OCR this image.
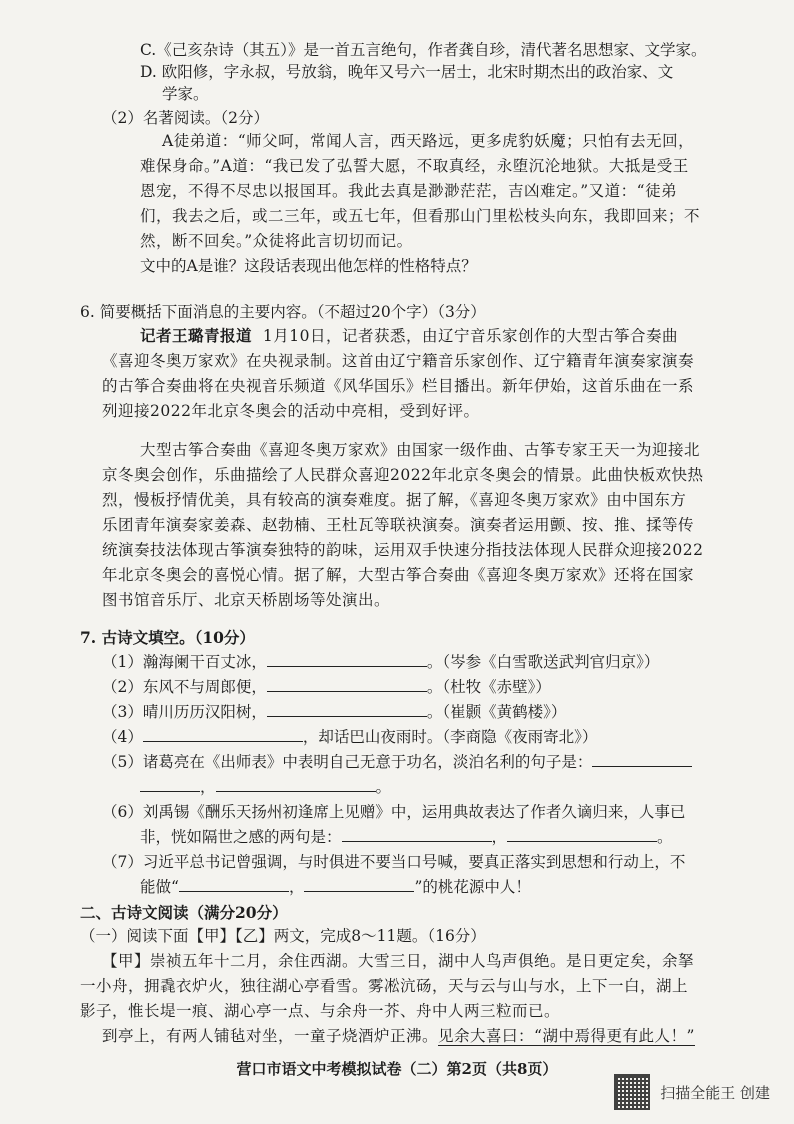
C.《己亥杂诗（其五）》是一首五言绝句，作者龚自珍，清代著名思想家、文学家。
D. 欧阳修，字永叔，号放翁，晚年又号六一居士，北宋时期杰出的政治家、文
学家。
（2）名著阅读。（2分）
A徒弟道：“师父呵，常闻人言，西天路远，更多虎豹妖魔；只怕有去无回，
难保身命。”A道：“我已发了弘誓大愿，不取真经，永堕沉沦地狱。大抵是受王
恩宠，不得不尽忠以报国耳。我此去真是渺渺茫茫，吉凶难定。”又道：“徒弟
们，我去之后，或二三年，或五七年，但看那山门里松枝头向东，我即回来；不
然，断不回矣。”众徒将此言切切而记。
文中的A是谁？这段话表现出他怎样的性格特点？
6. 简要概括下面消息的主要内容。（不超过20个字）（3分）
记者王璐青报道 1月10日，记者获悉，由辽宁音乐家创作的大型古筝合奏曲
《喜迎冬奥万家欢》在央视录制。这首由辽宁籍音乐家创作、辽宁籍青年演奏家演奏
的古筝合奏曲将在央视音乐频道《风华国乐》栏目播出。新年伊始，这首乐曲在一系
列迎接2022年北京冬奥会的活动中亮相，受到好评。
大型古筝合奏曲《喜迎冬奥万家欢》由国家一级作曲、古筝专家王天一为迎接北
京冬奥会创作，乐曲描绘了人民群众喜迎2022年北京冬奥会的情景。此曲快板欢快热
烈，慢板抒情优美，具有较高的演奏难度。据了解，《喜迎冬奥万家欢》由中国东方
乐团青年演奏家姜森、赵勃楠、王杜瓦等联袂演奏。演奏者运用颤、按、推、揉等传
统演奏技法体现古筝演奏独特的韵味，运用双手快速分指技法体现人民群众迎接2022
年北京冬奥会的喜悦心情。据了解，大型古筝合奏曲《喜迎冬奥万家欢》还将在国家
图书馆音乐厅、北京天桥剧场等处演出。
7. 古诗文填空。（10分）
（1）瀚海阑干百丈冰，	。（岑参《白雪歌送武判官归京》）
（2）东风不与周郎便，	。（杜牧《赤壁》）
（3）晴川历历汉阳树，	。（崔颢《黄鹤楼》）
（4）	，却话巴山夜雨时。（李商隐《夜雨寄北》）
（5）诸葛亮在《出师表》中表明自己无意于功名，淡泊名利的句子是：
，	。
（6）刘禹锡《酬乐天扬州初逢席上见赠》中，运用典故表达了作者久谪归来，人事已
非，恍如隔世之感的两句是：	，	。
（7）习近平总书记曾强调，与时俱进不要当口号喊，要真正落实到思想和行动上，不
能做“	，	”的桃花源中人！
二、古诗文阅读（满分20分）
（一）阅读下面【甲】【乙】两文，完成8～11题。（16分）
【甲】崇祯五年十二月，余住西湖。大雪三日，湖中人鸟声俱绝。是日更定矣，余拏
一小舟，拥毳衣炉火，独往湖心亭看雪。雾凇沆砀，天与云与山与水，上下一白，湖上
影子，惟长堤一痕、湖心亭一点、与余舟一芥、舟中人两三粒而已。
到亭上，有两人铺毡对坐，一童子烧酒炉正沸。见余大喜曰：“湖中焉得更有此人！”
营口市语文中考模拟试卷（二）第2页（共8页）
扫描全能王 创建
